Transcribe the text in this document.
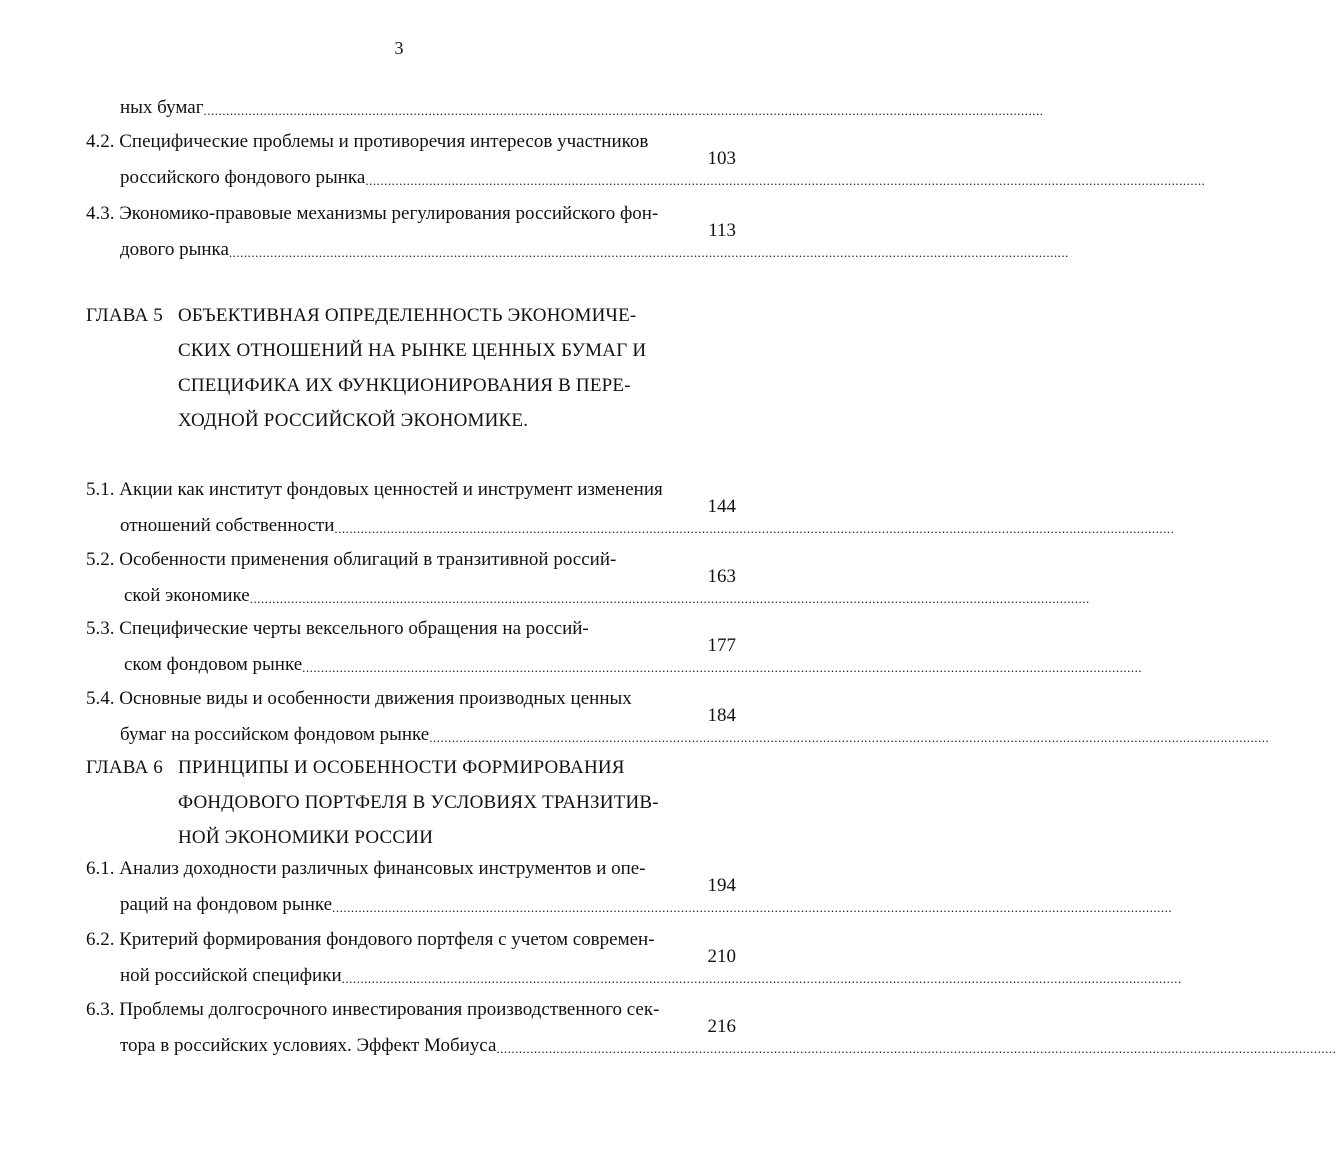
3
ных бумаг ................................................................................................................................................................................................................................
4.2. Специфические проблемы и противоречия интересов участников
российского фондового рынка ................................................................................................................................................................................................................................
103
4.3. Экономико-правовые механизмы регулирования российского фон-
дового рынка ................................................................................................................................................................................................................................
113
ГЛАВА 5 ОБЪЕКТИВНАЯ ОПРЕДЕЛЕННОСТЬ ЭКОНОМИЧЕ-
СКИХ ОТНОШЕНИЙ НА РЫНКЕ ЦЕННЫХ БУМАГ И
СПЕЦИФИКА ИХ ФУНКЦИОНИРОВАНИЯ В ПЕРЕ-
ХОДНОЙ РОССИЙСКОЙ ЭКОНОМИКЕ.
5.1. Акции как институт фондовых ценностей и инструмент изменения
отношений собственности ................................................................................................................................................................................................................................
144
5.2. Особенности применения облигаций в транзитивной россий-
ской экономике ................................................................................................................................................................................................................................
163
5.3. Специфические черты вексельного обращения на россий-
ском фондовом рынке ................................................................................................................................................................................................................................
177
5.4. Основные виды и особенности движения производных ценных
бумаг на российском фондовом рынке ................................................................................................................................................................................................................................
184
ГЛАВА 6 ПРИНЦИПЫ И ОСОБЕННОСТИ ФОРМИРОВАНИЯ
ФОНДОВОГО ПОРТФЕЛЯ В УСЛОВИЯХ ТРАНЗИТИВ-
НОЙ ЭКОНОМИКИ РОССИИ
6.1. Анализ доходности различных финансовых инструментов и опе-
раций на фондовом рынке ................................................................................................................................................................................................................................
194
6.2. Критерий формирования фондового портфеля с учетом современ-
ной российской специфики ................................................................................................................................................................................................................................
210
6.3. Проблемы долгосрочного инвестирования производственного сек-
тора в российских условиях. Эффект Мобиуса ................................................................................................................................................................................................................................
216
